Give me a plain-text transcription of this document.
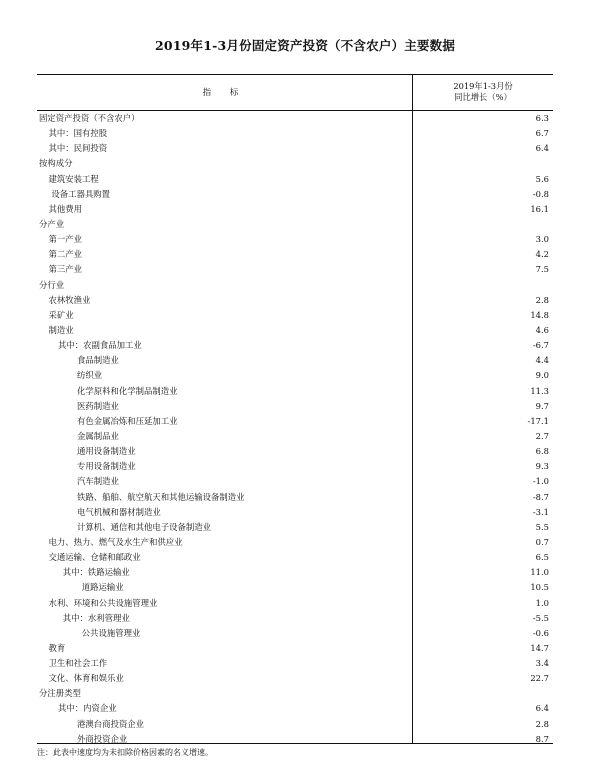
2019年1-3月份固定资产投资（不含农户）主要数据
指 标
2019年1-3月份
同比增长（%）
固定资产投资（不含农户）	6.3
其中：国有控股	6.7
其中：民间投资	6.4
按构成分
建筑安装工程	5.6
设备工器具购置	-0.8
其他费用	16.1
分产业
第一产业	3.0
第二产业	4.2
第三产业	7.5
分行业
农林牧渔业	2.8
采矿业	14.8
制造业	4.6
其中：农副食品加工业	-6.7
食品制造业	4.4
纺织业	9.0
化学原料和化学制品制造业	11.3
医药制造业	9.7
有色金属冶炼和压延加工业	-17.1
金属制品业	2.7
通用设备制造业	6.8
专用设备制造业	9.3
汽车制造业	-1.0
铁路、船舶、航空航天和其他运输设备制造业	-8.7
电气机械和器材制造业	-3.1
计算机、通信和其他电子设备制造业	5.5
电力、热力、燃气及水生产和供应业	0.7
交通运输、仓储和邮政业	6.5
其中：铁路运输业	11.0
道路运输业	10.5
水利、环境和公共设施管理业	1.0
其中：水利管理业	-5.5
公共设施管理业	-0.6
教育	14.7
卫生和社会工作	3.4
文化、体育和娱乐业	22.7
分注册类型
其中：内资企业	6.4
港澳台商投资企业	2.8
外商投资企业	8.7
注：此表中速度均为未扣除价格因素的名义增速。
